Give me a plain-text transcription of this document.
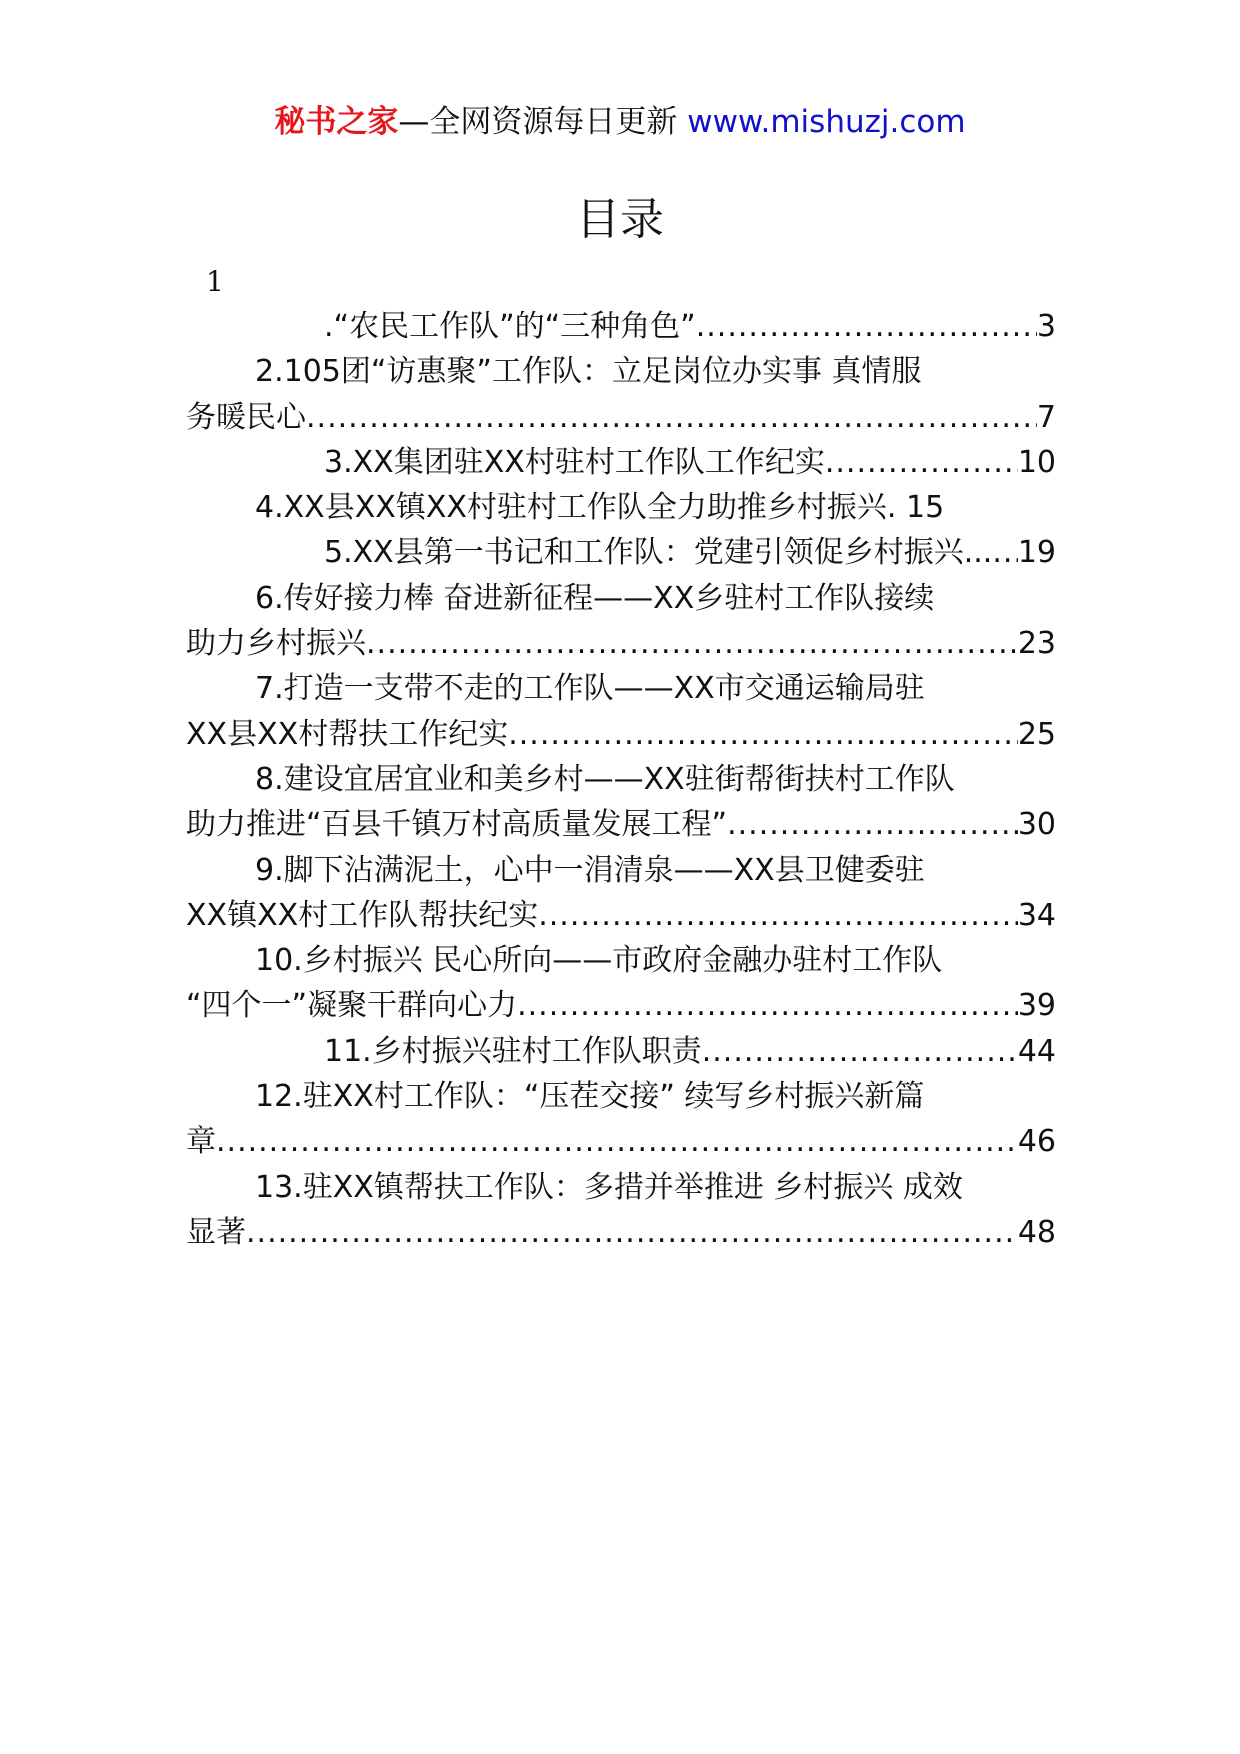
秘书之家—全网资源每日更新 www.mishuzj.com
目录
1
.“农民工作队”的“三种角色” .....	3
2.105团“访惠聚”工作队：立足岗位办实事 真情服
务暖民心 .....	7
3.XX集团驻XX村驻村工作队工作纪实 .....	10
4.XX县XX镇XX村驻村工作队全力助推乡村振兴. 15
5.XX县第一书记和工作队：党建引领促乡村振兴... ..... 19
6.传好接力棒 奋进新征程——XX乡驻村工作队接续
助力乡村振兴 .....	23
7.打造一支带不走的工作队——XX市交通运输局驻
XX县XX村帮扶工作纪实 .....	25
8.建设宜居宜业和美乡村——XX驻街帮街扶村工作队
助力推进“百县千镇万村高质量发展工程” .....	30
9.脚下沾满泥土，心中一涓清泉——XX县卫健委驻
XX镇XX村工作队帮扶纪实 .....	34
10.乡村振兴 民心所向——市政府金融办驻村工作队
“四个一”凝聚干群向心力 .....	39
11.乡村振兴驻村工作队职责 .....	44
12.驻XX村工作队：“压茬交接” 续写乡村振兴新篇
章 .....	46
13.驻XX镇帮扶工作队：多措并举推进 乡村振兴 成效
显著 .....	48
